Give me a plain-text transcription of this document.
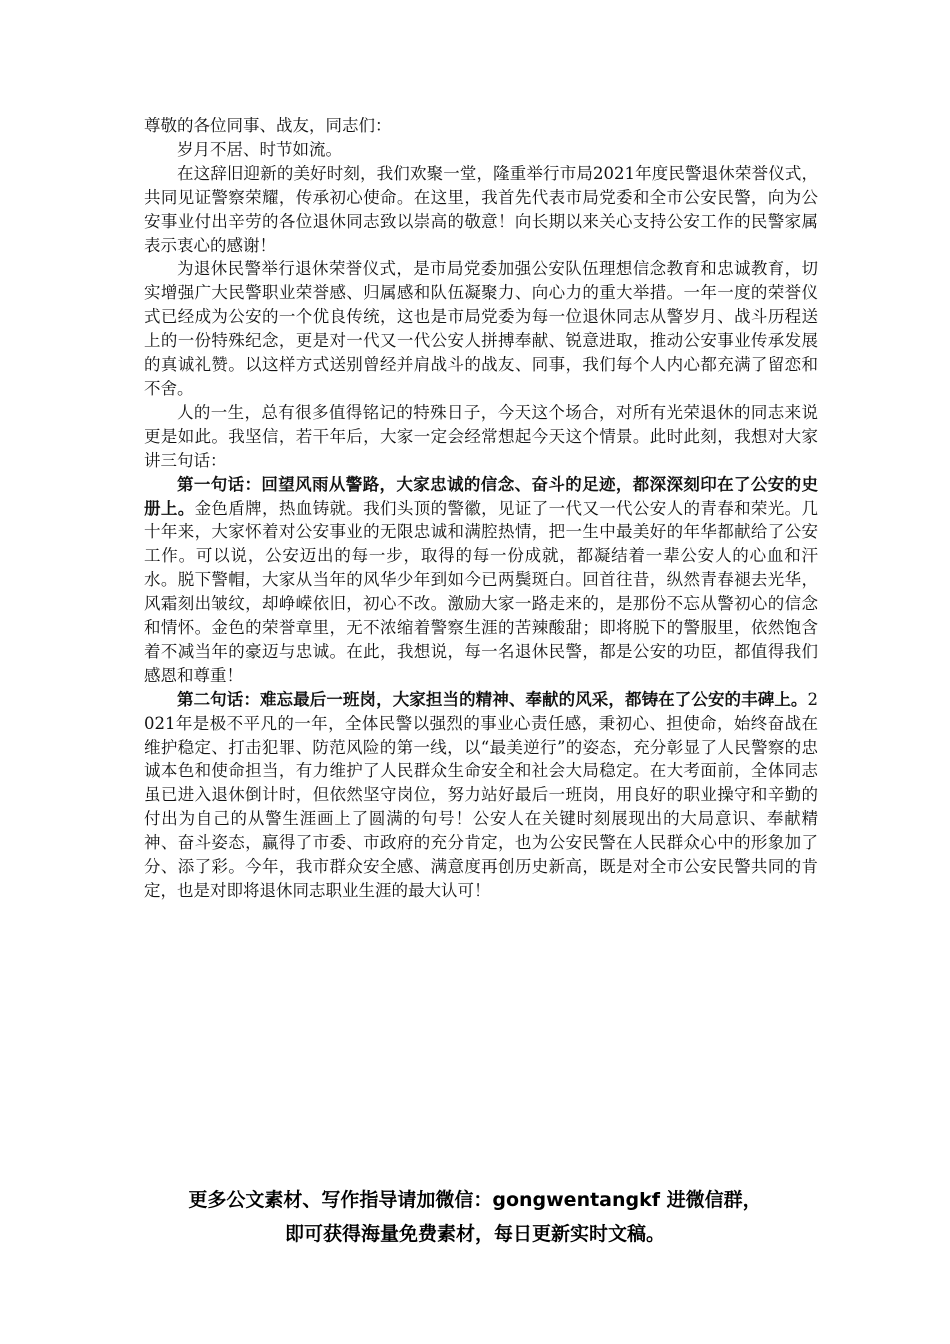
尊敬的各位同事、战友，同志们：

岁月不居、时节如流。

在这辞旧迎新的美好时刻，我们欢聚一堂，隆重举行市局2021年度民警退休荣誉仪式，共同见证警察荣耀，传承初心使命。在这里，我首先代表市局党委和全市公安民警，向为公安事业付出辛劳的各位退休同志致以崇高的敬意！向长期以来关心支持公安工作的民警家属表示衷心的感谢！

为退休民警举行退休荣誉仪式，是市局党委加强公安队伍理想信念教育和忠诚教育，切实增强广大民警职业荣誉感、归属感和队伍凝聚力、向心力的重大举措。一年一度的荣誉仪式已经成为公安的一个优良传统，这也是市局党委为每一位退休同志从警岁月、战斗历程送上的一份特殊纪念，更是对一代又一代公安人拼搏奉献、锐意进取，推动公安事业传承发展的真诚礼赞。以这样方式送别曾经并肩战斗的战友、同事，我们每个人内心都充满了留恋和不舍。

人的一生，总有很多值得铭记的特殊日子，今天这个场合，对所有光荣退休的同志来说更是如此。我坚信，若干年后，大家一定会经常想起今天这个情景。此时此刻，我想对大家讲三句话：

第一句话：回望风雨从警路，大家忠诚的信念、奋斗的足迹，都深深刻印在了公安的史册上。金色盾牌，热血铸就。我们头顶的警徽，见证了一代又一代公安人的青春和荣光。几十年来，大家怀着对公安事业的无限忠诚和满腔热情，把一生中最美好的年华都献给了公安工作。可以说，公安迈出的每一步，取得的每一份成就，都凝结着一辈公安人的心血和汗水。脱下警帽，大家从当年的风华少年到如今已两鬓斑白。回首往昔，纵然青春褪去光华，风霜刻出皱纹，却峥嵘依旧，初心不改。激励大家一路走来的，是那份不忘从警初心的信念和情怀。金色的荣誉章里，无不浓缩着警察生涯的苦辣酸甜；即将脱下的警服里，依然饱含着不减当年的豪迈与忠诚。在此，我想说，每一名退休民警，都是公安的功臣，都值得我们感恩和尊重！

第二句话：难忘最后一班岗，大家担当的精神、奉献的风采，都铸在了公安的丰碑上。2021年是极不平凡的一年，全体民警以强烈的事业心责任感，秉初心、担使命，始终奋战在维护稳定、打击犯罪、防范风险的第一线，以“最美逆行”的姿态，充分彰显了人民警察的忠诚本色和使命担当，有力维护了人民群众生命安全和社会大局稳定。在大考面前，全体同志虽已进入退休倒计时，但依然坚守岗位，努力站好最后一班岗，用良好的职业操守和辛勤的付出为自己的从警生涯画上了圆满的句号！公安人在关键时刻展现出的大局意识、奉献精神、奋斗姿态，赢得了市委、市政府的充分肯定，也为公安民警在人民群众心中的形象加了分、添了彩。今年，我市群众安全感、满意度再创历史新高，既是对全市公安民警共同的肯定，也是对即将退休同志职业生涯的最大认可！

更多公文素材、写作指导请加微信：gongwentangkf 进微信群，
即可获得海量免费素材，每日更新实时文稿。
